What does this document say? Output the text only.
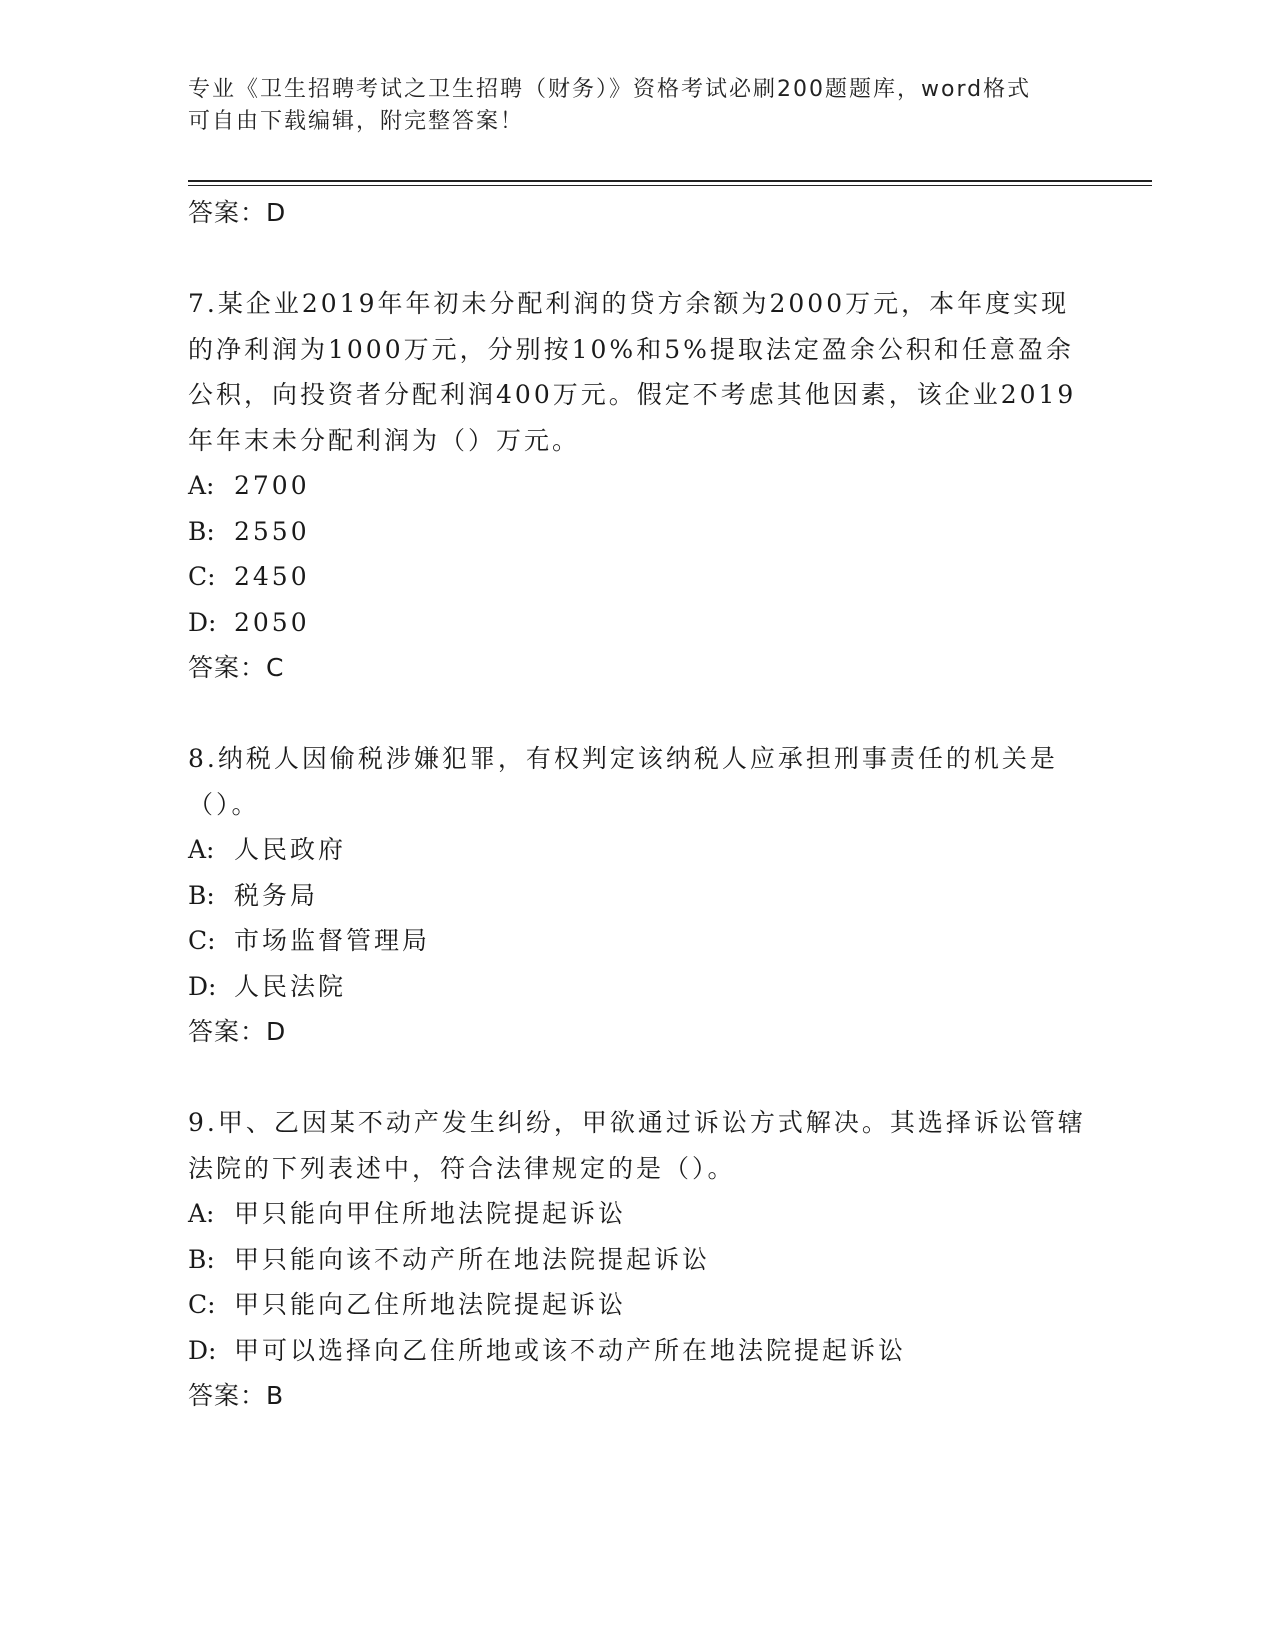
专业《卫生招聘考试之卫生招聘（财务）》资格考试必刷200题题库，word格式
可自由下载编辑，附完整答案！
答案：D
7.某企业2019年年初未分配利润的贷方余额为2000万元，本年度实现的净利润为1000万元，分别按10%和5%提取法定盈余公积和任意盈余公积，向投资者分配利润400万元。假定不考虑其他因素，该企业2019年年末未分配利润为（）万元。
A: 2700
B: 2550
C: 2450
D: 2050
答案：C
8.纳税人因偷税涉嫌犯罪，有权判定该纳税人应承担刑事责任的机关是（）。
A: 人民政府
B: 税务局
C: 市场监督管理局
D: 人民法院
答案：D
9.甲、乙因某不动产发生纠纷，甲欲通过诉讼方式解决。其选择诉讼管辖法院的下列表述中，符合法律规定的是（）。
A: 甲只能向甲住所地法院提起诉讼
B: 甲只能向该不动产所在地法院提起诉讼
C: 甲只能向乙住所地法院提起诉讼
D: 甲可以选择向乙住所地或该不动产所在地法院提起诉讼
答案：B
